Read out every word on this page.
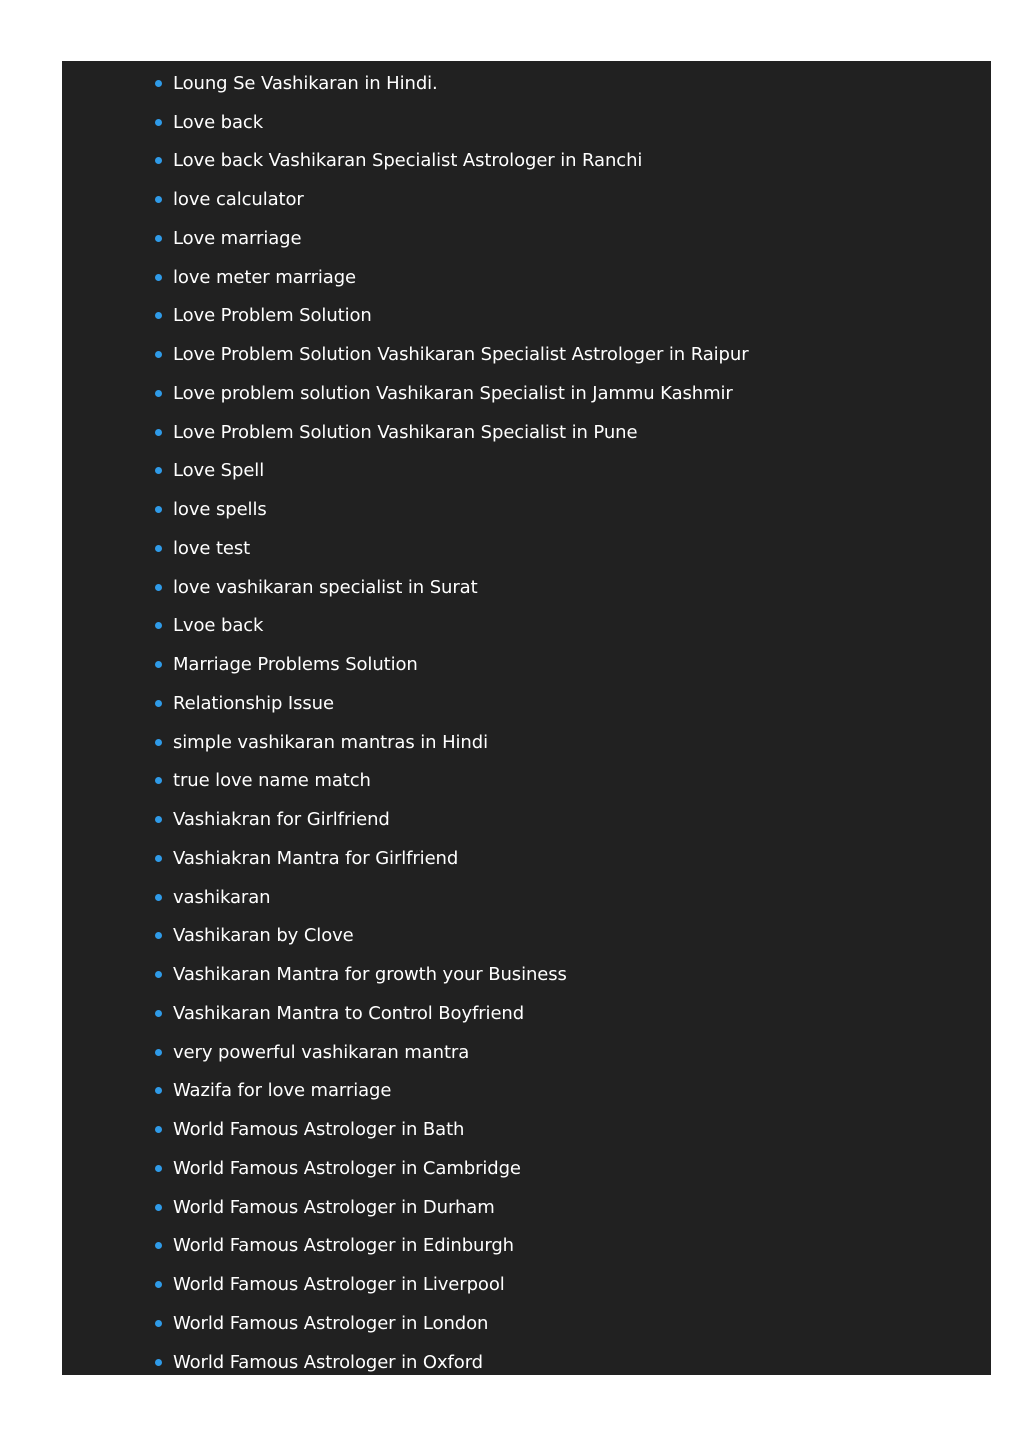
Loung Se Vashikaran in Hindi.
Love back
Love back Vashikaran Specialist Astrologer in Ranchi
love calculator
Love marriage
love meter marriage
Love Problem Solution
Love Problem Solution Vashikaran Specialist Astrologer in Raipur
Love problem solution Vashikaran Specialist in Jammu Kashmir
Love Problem Solution Vashikaran Specialist in Pune
Love Spell
love spells
love test
love vashikaran specialist in Surat
Lvoe back
Marriage Problems Solution
Relationship Issue
simple vashikaran mantras in Hindi
true love name match
Vashiakran for Girlfriend
Vashiakran Mantra for Girlfriend
vashikaran
Vashikaran by Clove
Vashikaran Mantra for growth your Business
Vashikaran Mantra to Control Boyfriend
very powerful vashikaran mantra
Wazifa for love marriage
World Famous Astrologer in Bath
World Famous Astrologer in Cambridge
World Famous Astrologer in Durham
World Famous Astrologer in Edinburgh
World Famous Astrologer in Liverpool
World Famous Astrologer in London
World Famous Astrologer in Oxford
